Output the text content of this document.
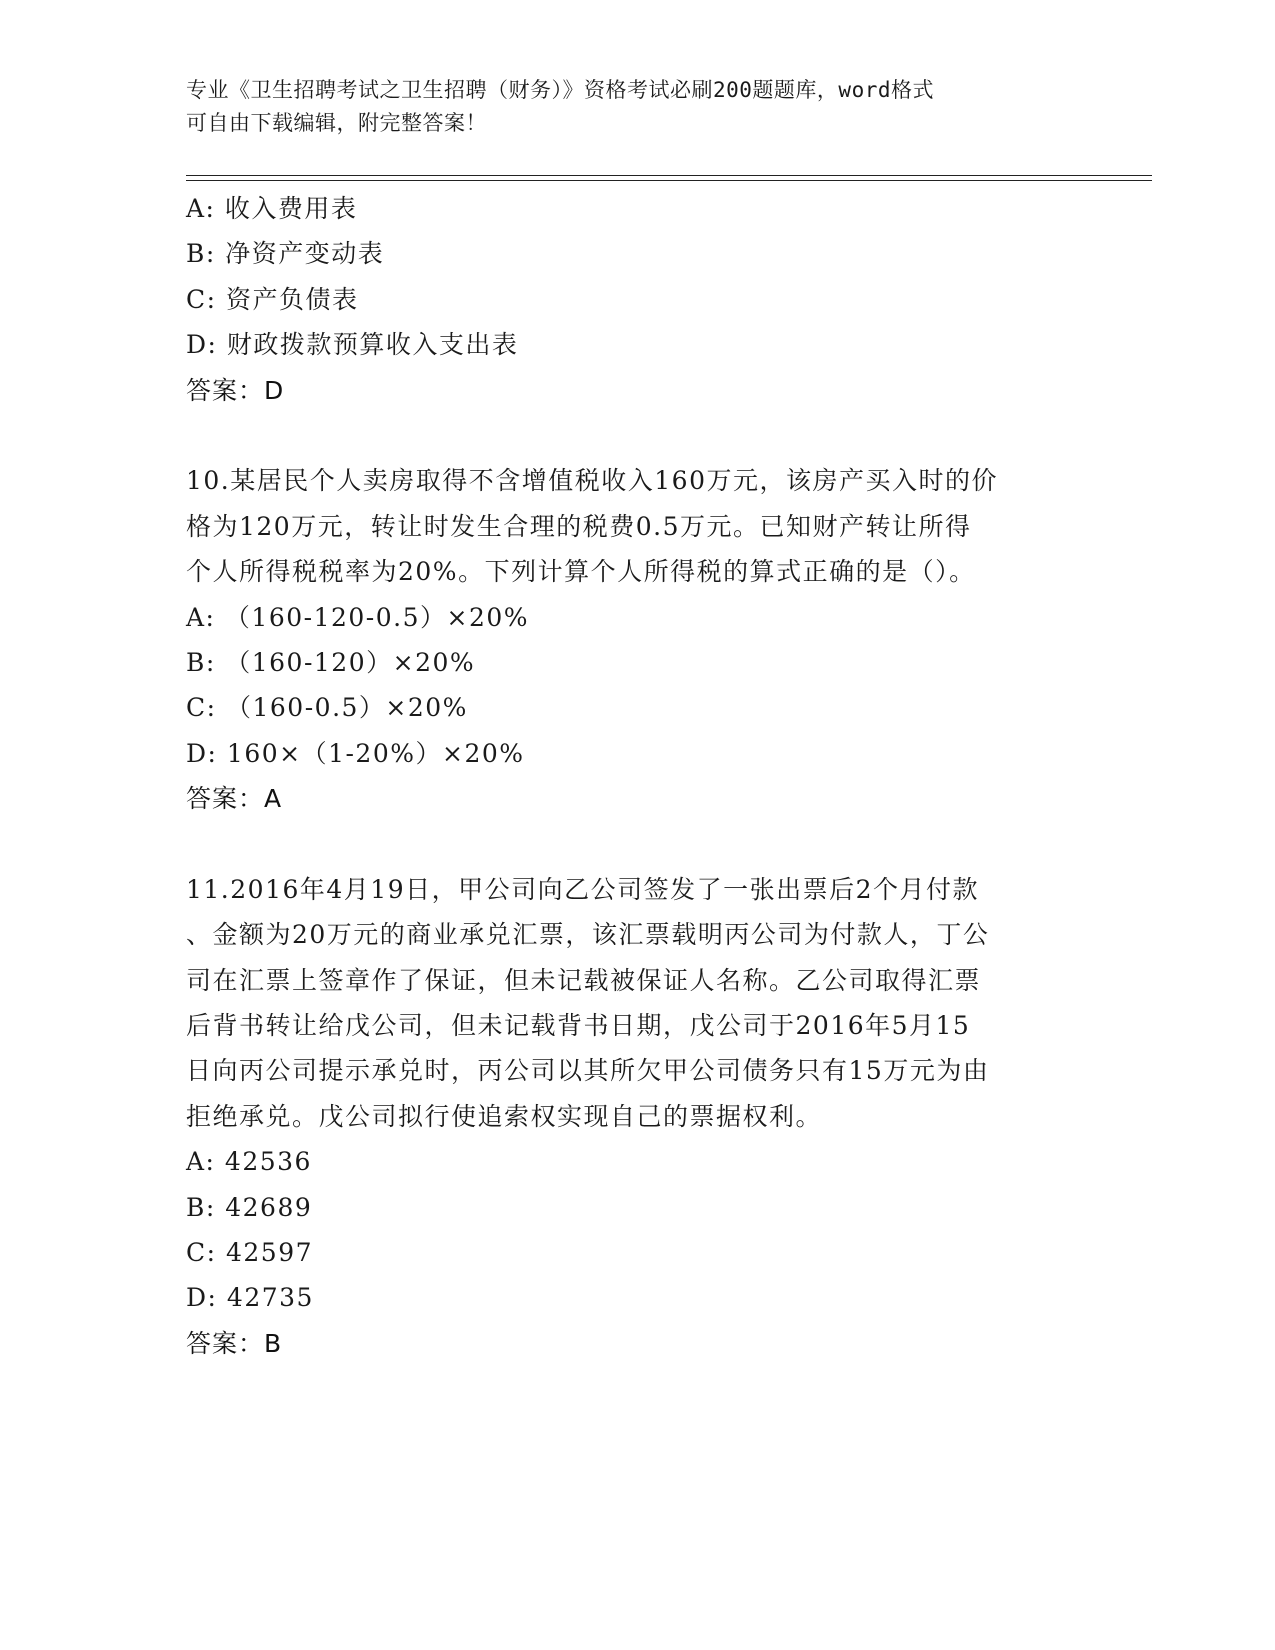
专业《卫生招聘考试之卫生招聘（财务）》资格考试必刷200题题库，word格式
可自由下载编辑，附完整答案！
A: 收入费用表
B: 净资产变动表
C: 资产负债表
D: 财政拨款预算收入支出表
答案：D
10.某居民个人卖房取得不含增值税收入160万元，该房产买入时的价
格为120万元，转让时发生合理的税费0.5万元。已知财产转让所得
个人所得税税率为20%。下列计算个人所得税的算式正确的是（）。
A: （160-120-0.5）×20%
B: （160-120）×20%
C: （160-0.5）×20%
D: 160×（1-20%）×20%
答案：A
11.2016年4月19日，甲公司向乙公司签发了一张出票后2个月付款
、金额为20万元的商业承兑汇票，该汇票载明丙公司为付款人，丁公
司在汇票上签章作了保证，但未记载被保证人名称。乙公司取得汇票
后背书转让给戊公司，但未记载背书日期，戊公司于2016年5月15
日向丙公司提示承兑时，丙公司以其所欠甲公司债务只有15万元为由
拒绝承兑。戊公司拟行使追索权实现自己的票据权利。
A: 42536
B: 42689
C: 42597
D: 42735
答案：B
